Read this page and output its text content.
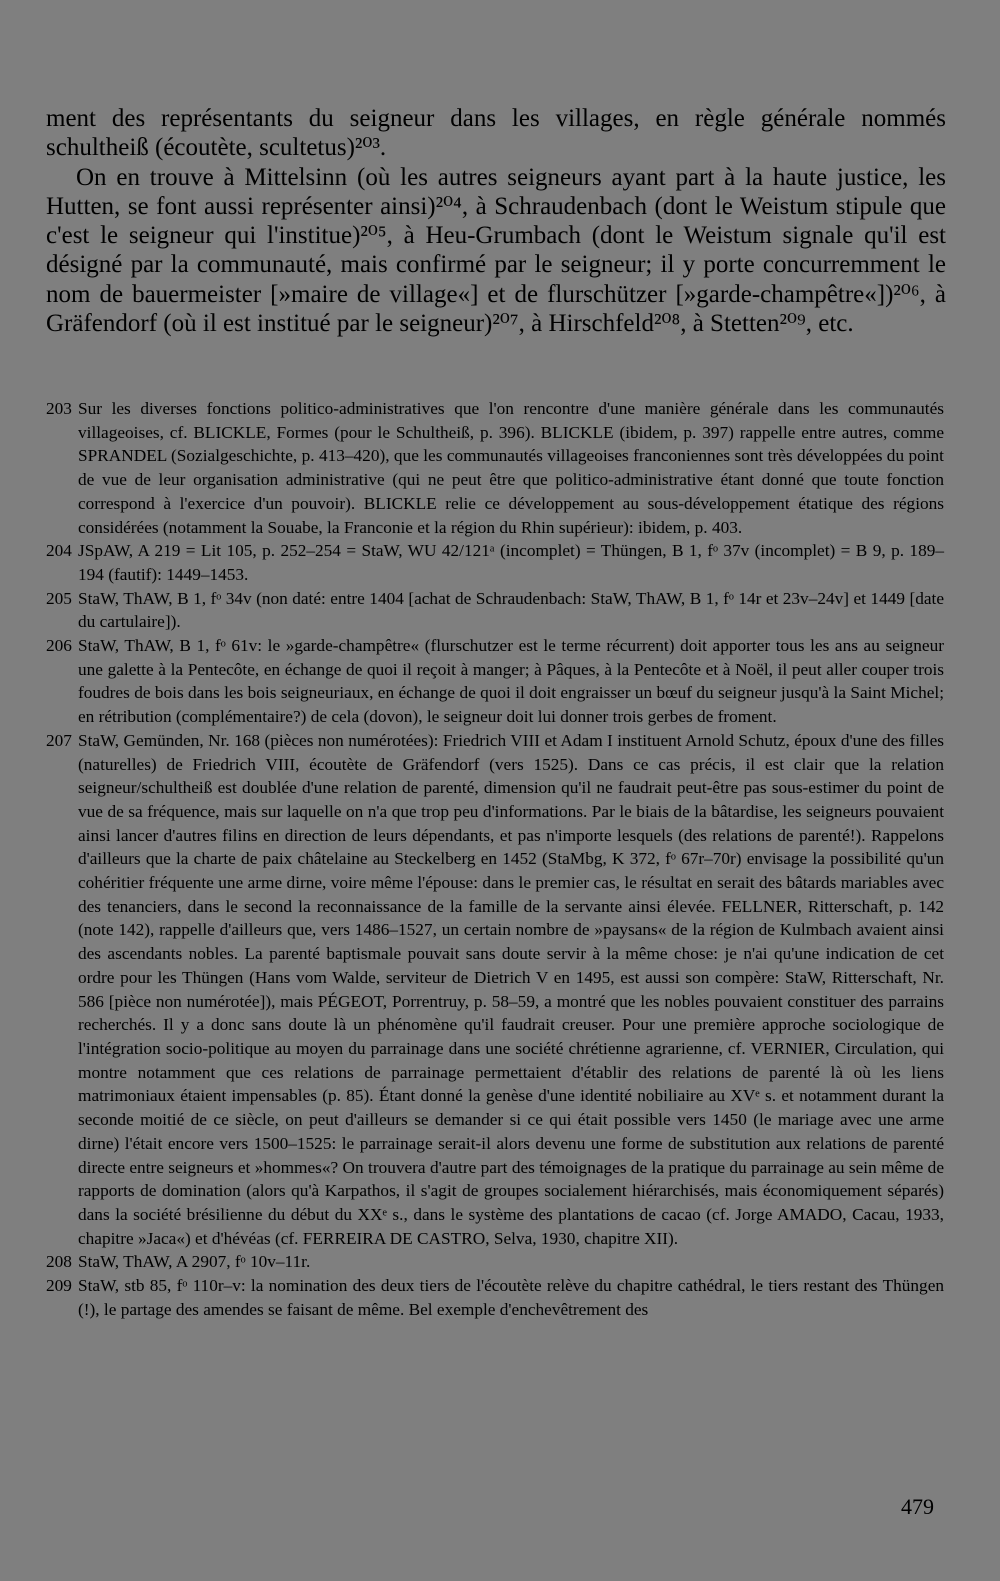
ment des représentants du seigneur dans les villages, en règle générale nommés schultheiß (écoutète, scultetus)²⁰³.

On en trouve à Mittelsinn (où les autres seigneurs ayant part à la haute justice, les Hutten, se font aussi représenter ainsi)²⁰⁴, à Schraudenbach (dont le Weistum stipule que c'est le seigneur qui l'institue)²⁰⁵, à Heu-Grumbach (dont le Weistum signale qu'il est désigné par la communauté, mais confirmé par le seigneur; il y porte concurremment le nom de bauermeister [»maire de village«] et de flurschützer [»garde-champêtre«])²⁰⁶, à Gräfendorf (où il est institué par le seigneur)²⁰⁷, à Hirschfeld²⁰⁸, à Stetten²⁰⁹, etc.

203 Sur les diverses fonctions politico-administratives que l'on rencontre d'une manière générale dans les communautés villageoises, cf. BLICKLE, Formes (pour le Schultheiß, p. 396). BLICKLE (ibidem, p. 397) rappelle entre autres, comme SPRANDEL (Sozialgeschichte, p. 413–420), que les communautés villageoises franconiennes sont très développées du point de vue de leur organisation administrative (qui ne peut être que politico-administrative étant donné que toute fonction correspond à l'exercice d'un pouvoir). BLICKLE relie ce développement au sous-développement étatique des régions considérées (notamment la Souabe, la Franconie et la région du Rhin supérieur): ibidem, p. 403.
204 JSpAW, A 219 = Lit 105, p. 252–254 = StaW, WU 42/121ᵃ (incomplet) = Thüngen, B 1, fᵒ 37v (incomplet) = B 9, p. 189–194 (fautif): 1449–1453.
205 StaW, ThAW, B 1, fᵒ 34v (non daté: entre 1404 [achat de Schraudenbach: StaW, ThAW, B 1, fᵒ 14r et 23v–24v] et 1449 [date du cartulaire]).
206 StaW, ThAW, B 1, fᵒ 61v: le »garde-champêtre« (flurschutzer est le terme récurrent) doit apporter tous les ans au seigneur une galette à la Pentecôte, en échange de quoi il reçoit à manger; à Pâques, à la Pentecôte et à Noël, il peut aller couper trois foudres de bois dans les bois seigneuriaux, en échange de quoi il doit engraisser un bœuf du seigneur jusqu'à la Saint Michel; en rétribution (complémentaire?) de cela (dovon), le seigneur doit lui donner trois gerbes de froment.
207 StaW, Gemünden, Nr. 168 (pièces non numérotées): Friedrich VIII et Adam I instituent Arnold Schutz, époux d'une des filles (naturelles) de Friedrich VIII, écoutète de Gräfendorf (vers 1525). Dans ce cas précis, il est clair que la relation seigneur/schultheiß est doublée d'une relation de parenté, dimension qu'il ne faudrait peut-être pas sous-estimer du point de vue de sa fréquence, mais sur laquelle on n'a que trop peu d'informations. Par le biais de la bâtardise, les seigneurs pouvaient ainsi lancer d'autres filins en direction de leurs dépendants, et pas n'importe lesquels (des relations de parenté!). Rappelons d'ailleurs que la charte de paix châtelaine au Steckelberg en 1452 (StaMbg, K 372, fᵒ 67r–70r) envisage la possibilité qu'un cohéritier fréquente une arme dirne, voire même l'épouse: dans le premier cas, le résultat en serait des bâtards mariables avec des tenanciers, dans le second la reconnaissance de la famille de la servante ainsi élevée. FELLNER, Ritterschaft, p. 142 (note 142), rappelle d'ailleurs que, vers 1486–1527, un certain nombre de »paysans« de la région de Kulmbach avaient ainsi des ascendants nobles. La parenté baptismale pouvait sans doute servir à la même chose: je n'ai qu'une indication de cet ordre pour les Thüngen (Hans vom Walde, serviteur de Dietrich V en 1495, est aussi son compère: StaW, Ritterschaft, Nr. 586 [pièce non numérotée]), mais PÉGEOT, Porrentruy, p. 58–59, a montré que les nobles pouvaient constituer des parrains recherchés. Il y a donc sans doute là un phénomène qu'il faudrait creuser. Pour une première approche sociologique de l'intégration socio-politique au moyen du parrainage dans une société chrétienne agrarienne, cf. VERNIER, Circulation, qui montre notamment que ces relations de parrainage permettaient d'établir des relations de parenté là où les liens matrimoniaux étaient impensables (p. 85). Étant donné la genèse d'une identité nobiliaire au XVᵉ s. et notamment durant la seconde moitié de ce siècle, on peut d'ailleurs se demander si ce qui était possible vers 1450 (le mariage avec une arme dirne) l'était encore vers 1500–1525: le parrainage serait-il alors devenu une forme de substitution aux relations de parenté directe entre seigneurs et »hommes«? On trouvera d'autre part des témoignages de la pratique du parrainage au sein même de rapports de domination (alors qu'à Karpathos, il s'agit de groupes socialement hiérarchisés, mais économiquement séparés) dans la société brésilienne du début du XXᵉ s., dans le système des plantations de cacao (cf. Jorge AMADO, Cacau, 1933, chapitre »Jaca«) et d'hévéas (cf. FERREIRA DE CASTRO, Selva, 1930, chapitre XII).
208 StaW, ThAW, A 2907, fᵒ 10v–11r.
209 StaW, stb 85, fᵒ 110r–v: la nomination des deux tiers de l'écoutète relève du chapitre cathédral, le tiers restant des Thüngen (!), le partage des amendes se faisant de même. Bel exemple d'enchevêtrement des
479
